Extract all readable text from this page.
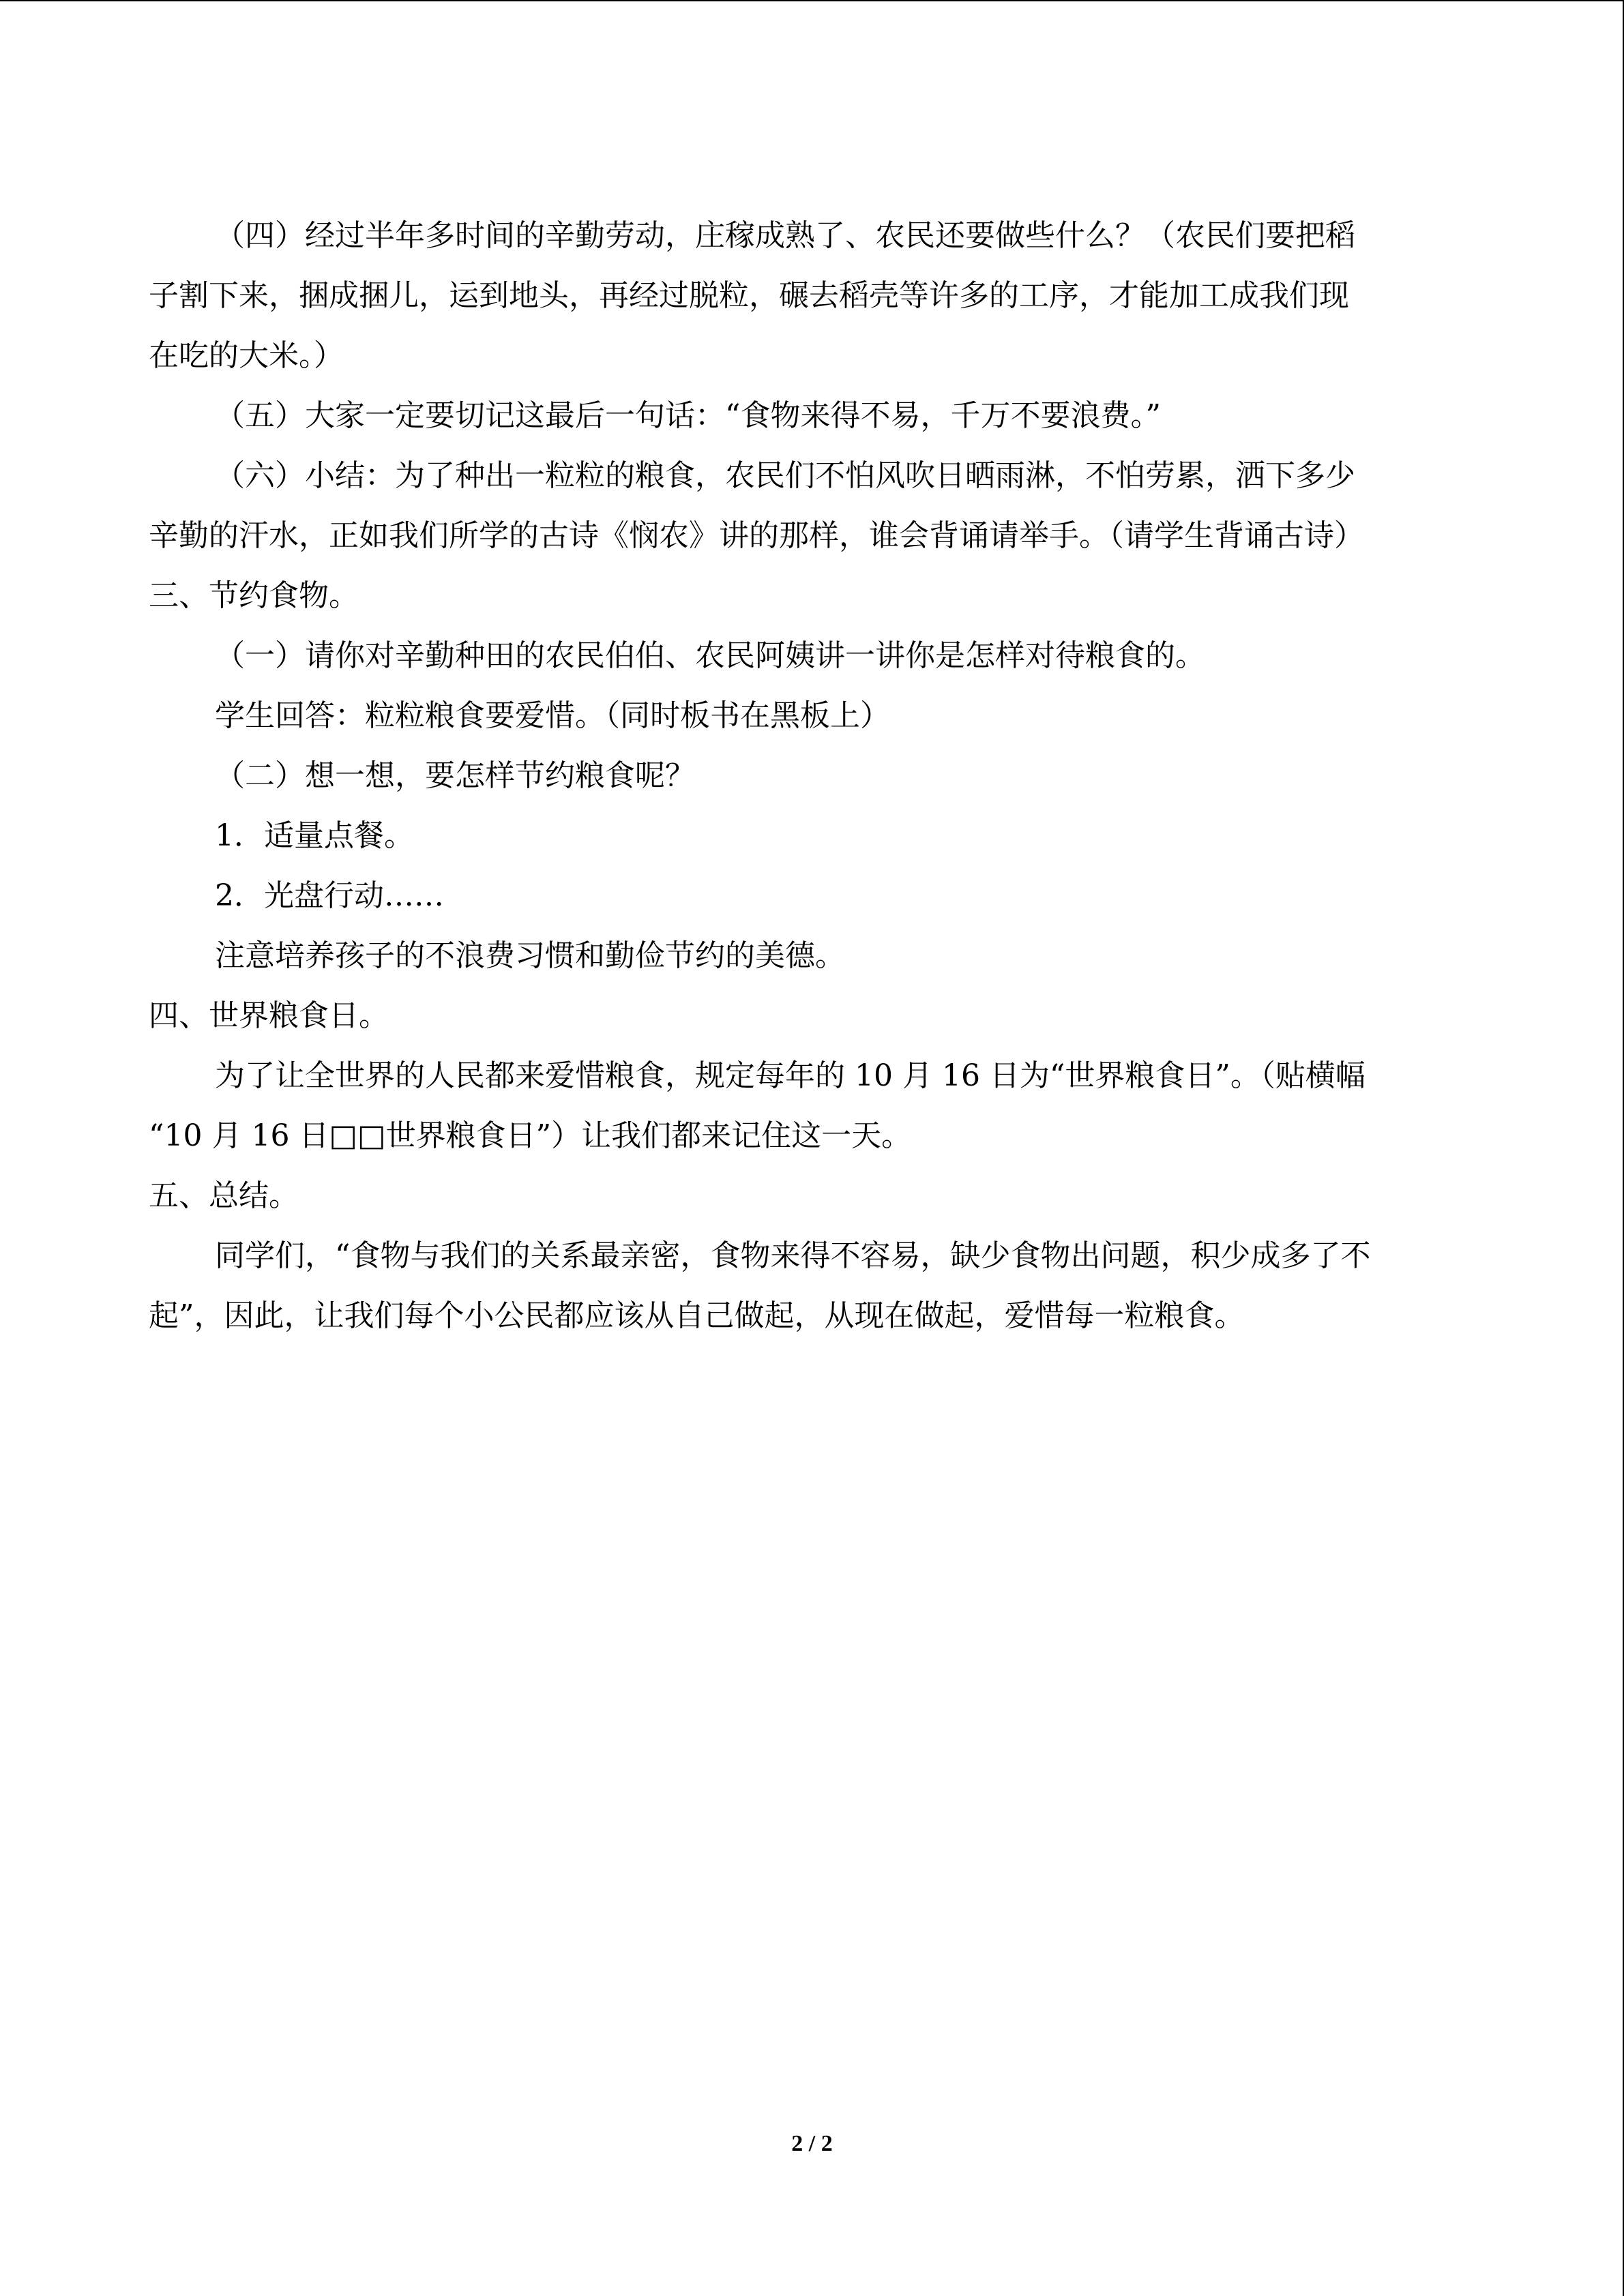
（四）经过半年多时间的辛勤劳动，庄稼成熟了、农民还要做些什么？（农民们要把稻

子割下来，捆成捆儿，运到地头，再经过脱粒，碾去稻壳等许多的工序，才能加工成我们现

在吃的大米。）

（五）大家一定要切记这最后一句话：“食物来得不易，千万不要浪费。”

（六）小结：为了种出一粒粒的粮食，农民们不怕风吹日晒雨淋，不怕劳累，洒下多少

辛勤的汗水，正如我们所学的古诗《悯农》讲的那样，谁会背诵请举手。（请学生背诵古诗）

三、节约食物。

（一）请你对辛勤种田的农民伯伯、农民阿姨讲一讲你是怎样对待粮食的。

学生回答：粒粒粮食要爱惜。（同时板书在黑板上）

（二）想一想，要怎样节约粮食呢？

1．适量点餐。

2．光盘行动……

注意培养孩子的不浪费习惯和勤俭节约的美德。

四、世界粮食日。

为了让全世界的人民都来爱惜粮食，规定每年的 10 月 16 日为“世界粮食日”。（贴横幅

“10 月 16 日□□世界粮食日”）让我们都来记住这一天。

五、总结。

同学们，“食物与我们的关系最亲密，食物来得不容易，缺少食物出问题，积少成多了不

起”，因此，让我们每个小公民都应该从自己做起，从现在做起，爱惜每一粒粮食。

2 / 2
